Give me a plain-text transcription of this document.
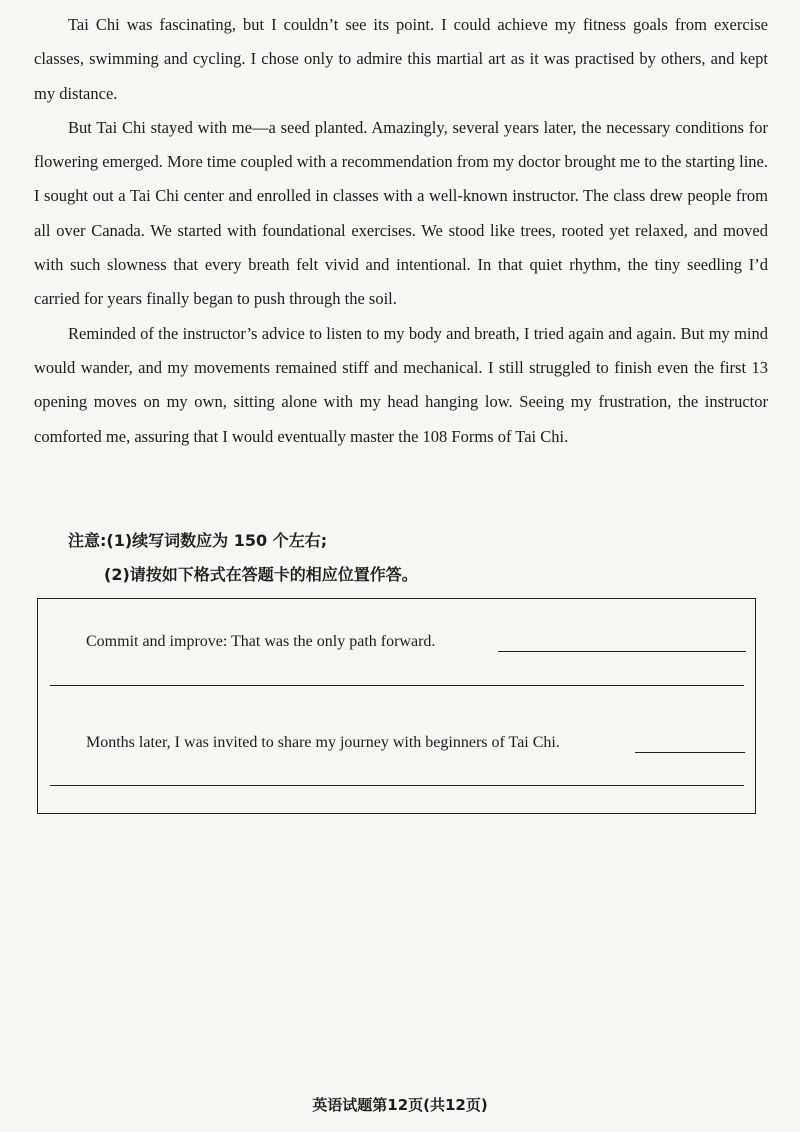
Tai Chi was fascinating, but I couldn’t see its point. I could achieve my fitness goals from exercise classes, swimming and cycling. I chose only to admire this martial art as it was practised by others, and kept my distance.

But Tai Chi stayed with me—a seed planted. Amazingly, several years later, the necessary conditions for flowering emerged. More time coupled with a recommendation from my doctor brought me to the starting line. I sought out a Tai Chi center and enrolled in classes with a well-known instructor. The class drew people from all over Canada. We started with foundational exercises. We stood like trees, rooted yet relaxed, and moved with such slowness that every breath felt vivid and intentional. In that quiet rhythm, the tiny seedling I’d carried for years finally began to push through the soil.

Reminded of the instructor’s advice to listen to my body and breath, I tried again and again. But my mind would wander, and my movements remained stiff and mechanical. I still struggled to finish even the first 13 opening moves on my own, sitting alone with my head hanging low. Seeing my frustration, the instructor comforted me, assuring that I would eventually master the 108 Forms of Tai Chi.

注意:(1)续写词数应为 150 个左右;
(2)请按如下格式在答题卡的相应位置作答。
Commit and improve: That was the only path forward.
Months later, I was invited to share my journey with beginners of Tai Chi.
英语试题第12页(共12页)
